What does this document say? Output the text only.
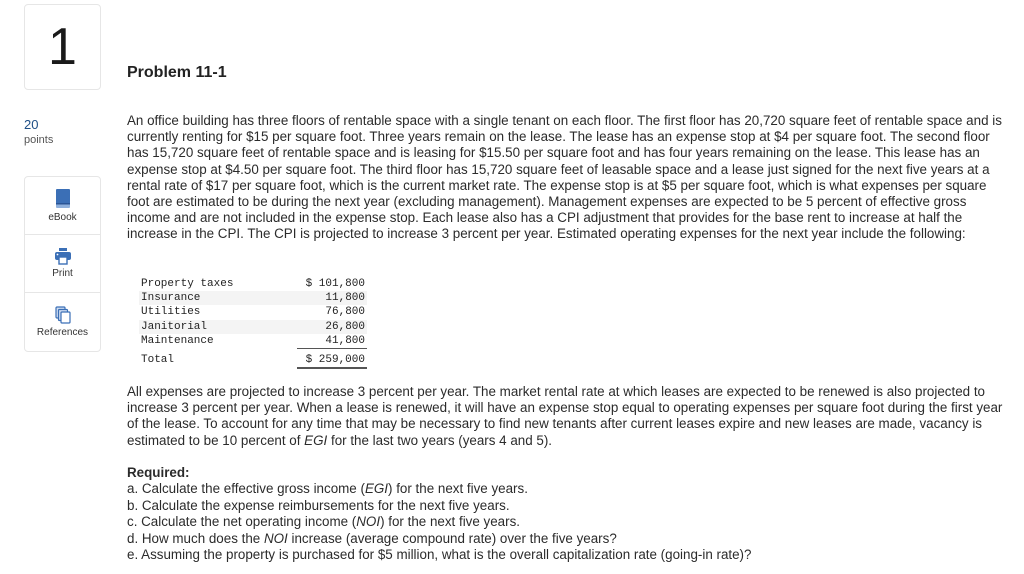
1
20
points
eBook
Print
References
Problem 11-1

An office building has three floors of rentable space with a single tenant on each floor. The first floor has 20,720 square feet of rentable space and is currently renting for $15 per square foot. Three years remain on the lease. The lease has an expense stop at $4 per square foot. The second floor has 15,720 square feet of rentable space and is leasing for $15.50 per square foot and has four years remaining on the lease. This lease has an expense stop at $4.50 per square foot. The third floor has 15,720 square feet of leasable space and a lease just signed for the next five years at a rental rate of $17 per square foot, which is the current market rate. The expense stop is at $5 per square foot, which is what expenses per square foot are estimated to be during the next year (excluding management). Management expenses are expected to be 5 percent of effective gross income and are not included in the expense stop. Each lease also has a CPI adjustment that provides for the base rent to increase at half the increase in the CPI. The CPI is projected to increase 3 percent per year. Estimated operating expenses for the next year include the following:

Property taxes	$ 101,800
Insurance	11,800
Utilities	76,800
Janitorial	26,800
Maintenance	41,800
Total	$ 259,000

All expenses are projected to increase 3 percent per year. The market rental rate at which leases are expected to be renewed is also projected to increase 3 percent per year. When a lease is renewed, it will have an expense stop equal to operating expenses per square foot during the first year of the lease. To account for any time that may be necessary to find new tenants after current leases expire and new leases are made, vacancy is estimated to be 10 percent of EGI for the last two years (years 4 and 5).

Required:
a. Calculate the effective gross income (EGI) for the next five years.
b. Calculate the expense reimbursements for the next five years.
c. Calculate the net operating income (NOI) for the next five years.
d. How much does the NOI increase (average compound rate) over the five years?
e. Assuming the property is purchased for $5 million, what is the overall capitalization rate (going-in rate)?
